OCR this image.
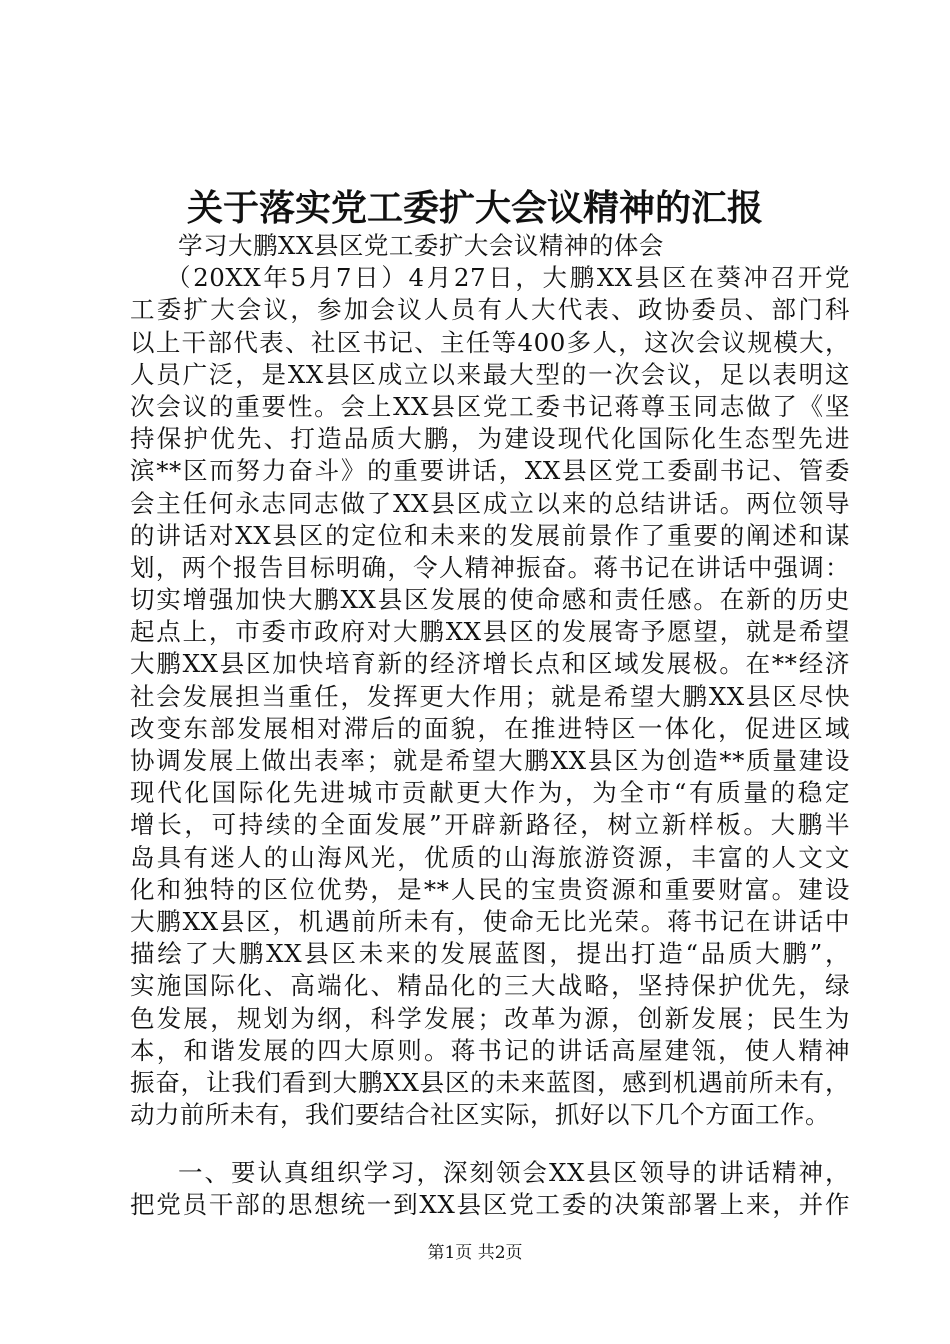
关于落实党工委扩大会议精神的汇报
学习大鹏XX县区党工委扩大会议精神的体会
（20XX年5月7日）4月27日，大鹏XX县区在葵冲召开党
工委扩大会议，参加会议人员有人大代表、政协委员、部门科
以上干部代表、社区书记、主任等400多人，这次会议规模大，
人员广泛，是XX县区成立以来最大型的一次会议，足以表明这
次会议的重要性。会上XX县区党工委书记蒋尊玉同志做了《坚
持保护优先、打造品质大鹏，为建设现代化国际化生态型先进
滨**区而努力奋斗》的重要讲话，XX县区党工委副书记、管委
会主任何永志同志做了XX县区成立以来的总结讲话。两位领导
的讲话对XX县区的定位和未来的发展前景作了重要的阐述和谋
划，两个报告目标明确，令人精神振奋。蒋书记在讲话中强调：
切实增强加快大鹏XX县区发展的使命感和责任感。在新的历史
起点上，市委市政府对大鹏XX县区的发展寄予愿望，就是希望
大鹏XX县区加快培育新的经济增长点和区域发展极。在**经济
社会发展担当重任，发挥更大作用；就是希望大鹏XX县区尽快
改变东部发展相对滞后的面貌，在推进特区一体化，促进区域
协调发展上做出表率；就是希望大鹏XX县区为创造**质量建设
现代化国际化先进城市贡献更大作为，为全市“有质量的稳定
增长，可持续的全面发展”开辟新路径，树立新样板。大鹏半
岛具有迷人的山海风光，优质的山海旅游资源，丰富的人文文
化和独特的区位优势，是**人民的宝贵资源和重要财富。建设
大鹏XX县区，机遇前所未有，使命无比光荣。蒋书记在讲话中
描绘了大鹏XX县区未来的发展蓝图，提出打造“品质大鹏”，
实施国际化、高端化、精品化的三大战略，坚持保护优先，绿
色发展，规划为纲，科学发展；改革为源，创新发展；民生为
本，和谐发展的四大原则。蒋书记的讲话高屋建瓴，使人精神
振奋，让我们看到大鹏XX县区的未来蓝图，感到机遇前所未有，
动力前所未有，我们要结合社区实际，抓好以下几个方面工作。
一、要认真组织学习，深刻领会XX县区领导的讲话精神，
把党员干部的思想统一到XX县区党工委的决策部署上来，并作
第1页 共2页
